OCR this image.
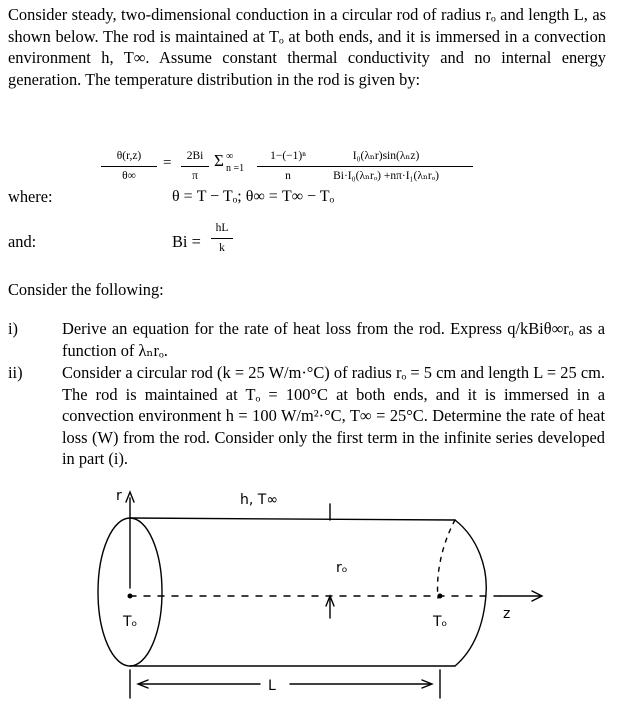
Consider steady, two-dimensional conduction in a circular rod of radius rₒ and length L, as shown below. The rod is maintained at Tₒ at both ends, and it is immersed in a convection environment h, T∞. Assume constant thermal conductivity and no internal energy generation. The temperature distribution in the rod is given by:
θ(r,z)
θ∞
=	2Bi
π
Σ ∞
n =1
1−(−1)ⁿ
n
I₀(λₙr)sin(λₙz)
Bi·I₀(λₙrₒ) +nπ·I₁(λₙrₒ)
where:	θ = T − Tₒ; θ∞ = T∞ − Tₒ
and:	Bi =
hL
k
Consider the following:
i)	Derive an equation for the rate of heat loss from the rod. Express q/kBiθ∞rₒ as a function of λₙrₒ.
ii) Consider a circular rod (k = 25 W/m·°C) of radius rₒ = 5 cm and length L = 25 cm. The rod is maintained at Tₒ = 100°C at both ends, and it is immersed in a convection environment h = 100 W/m²·°C, T∞ = 25°C. Determine the rate of heat loss (W) from the rod. Consider only the first term in the infinite series developed in part (i).
r	h, T∞
rₒ
Tₒ	Tₒ	z
L
